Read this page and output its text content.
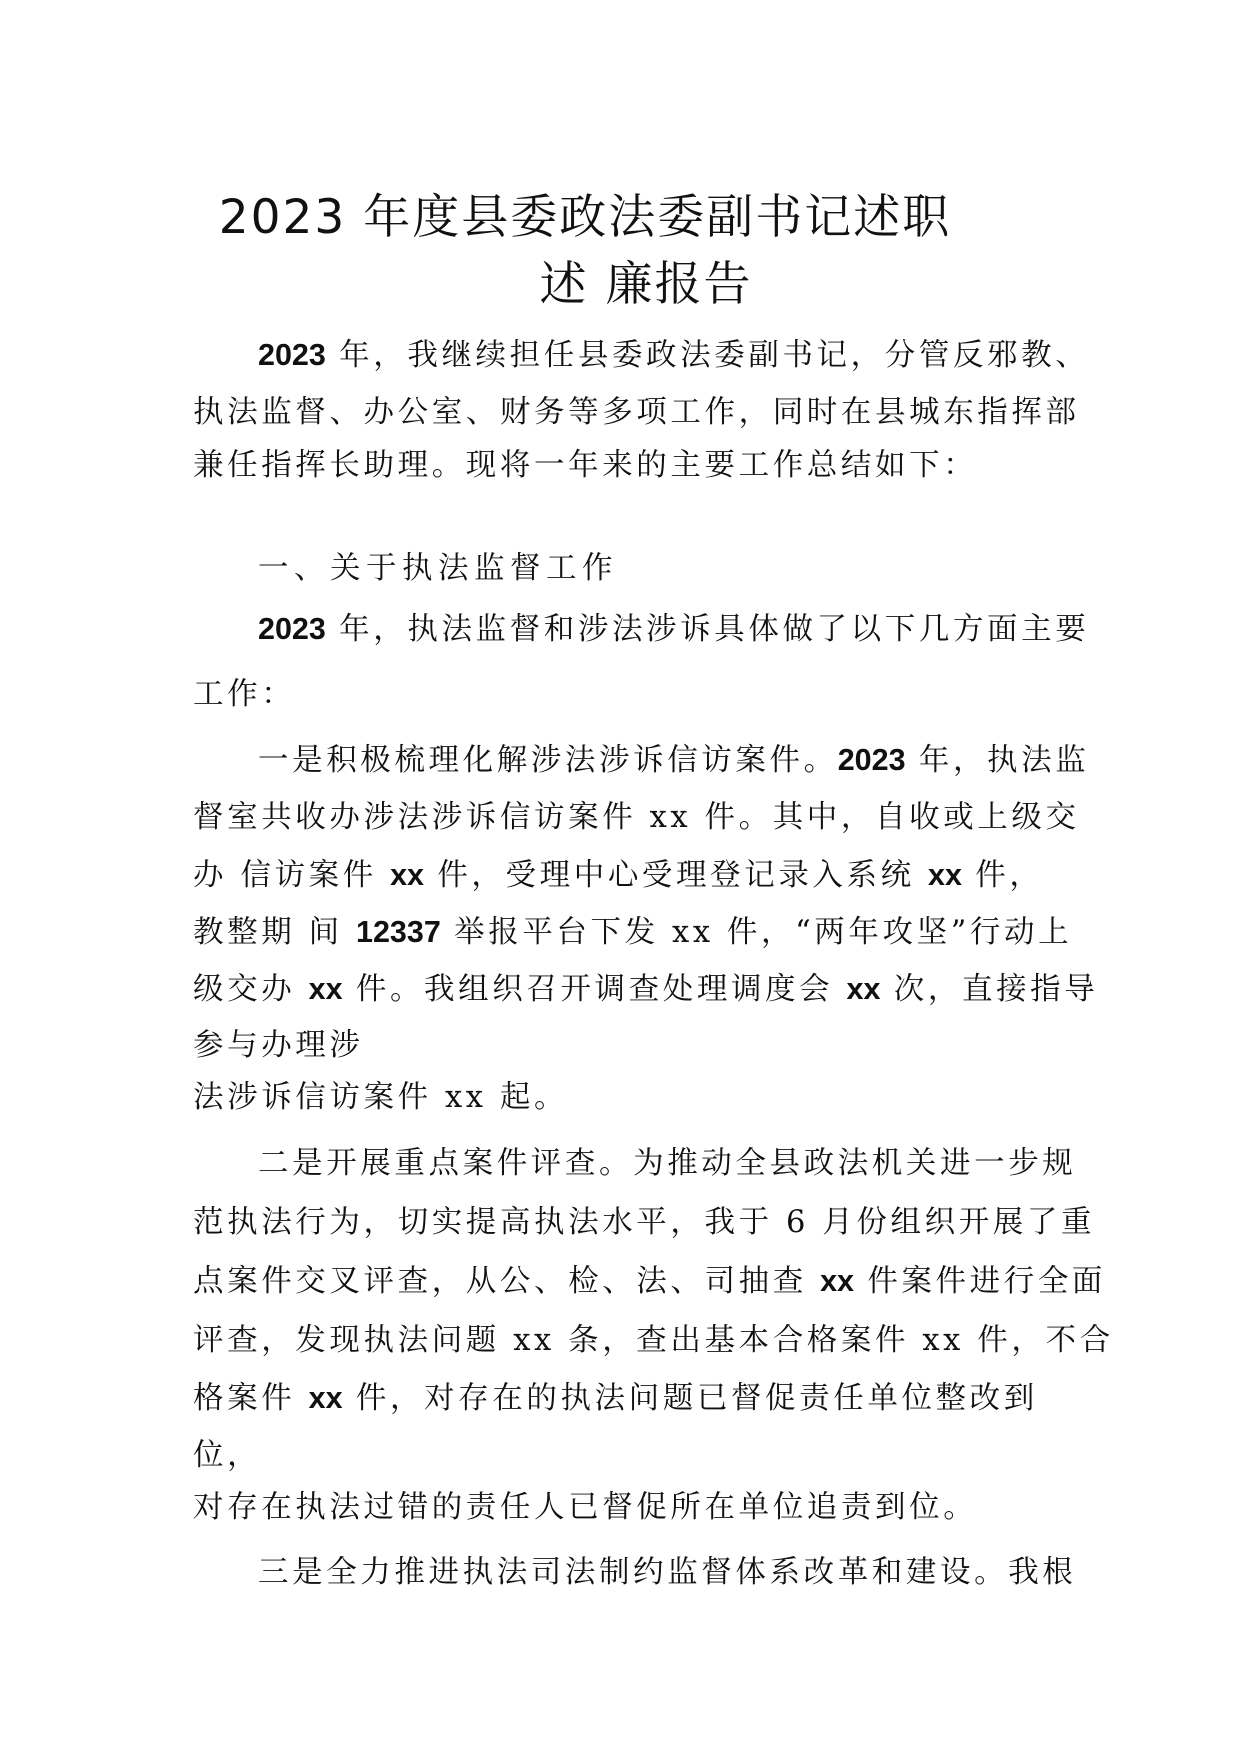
2023 年度县委政法委副书记述职
述 廉报告
2023 年，我继续担任县委政法委副书记，分管反邪教、
执法监督、办公室、财务等多项工作，同时在县城东指挥部
兼任指挥长助理。现将一年来的主要工作总结如下：
一、关于执法监督工作
2023 年，执法监督和涉法涉诉具体做了以下几方面主要
工作：
一是积极梳理化解涉法涉诉信访案件。2023 年，执法监
督室共收办涉法涉诉信访案件 xx 件。其中，自收或上级交
办 信访案件 xx 件，受理中心受理登记录入系统 xx 件，
教整期 间 12337 举报平台下发 xx 件，“两年攻坚”行动上
级交办 xx 件。我组织召开调查处理调度会 xx 次，直接指导
参与办理涉
法涉诉信访案件 xx 起。
二是开展重点案件评查。为推动全县政法机关进一步规
范执法行为，切实提高执法水平，我于 6 月份组织开展了重
点案件交叉评查，从公、检、法、司抽查 xx 件案件进行全面
评查，发现执法问题 xx 条，查出基本合格案件 xx 件，不合
格案件 xx 件，对存在的执法问题已督促责任单位整改到
位，
对存在执法过错的责任人已督促所在单位追责到位。
三是全力推进执法司法制约监督体系改革和建设。我根
